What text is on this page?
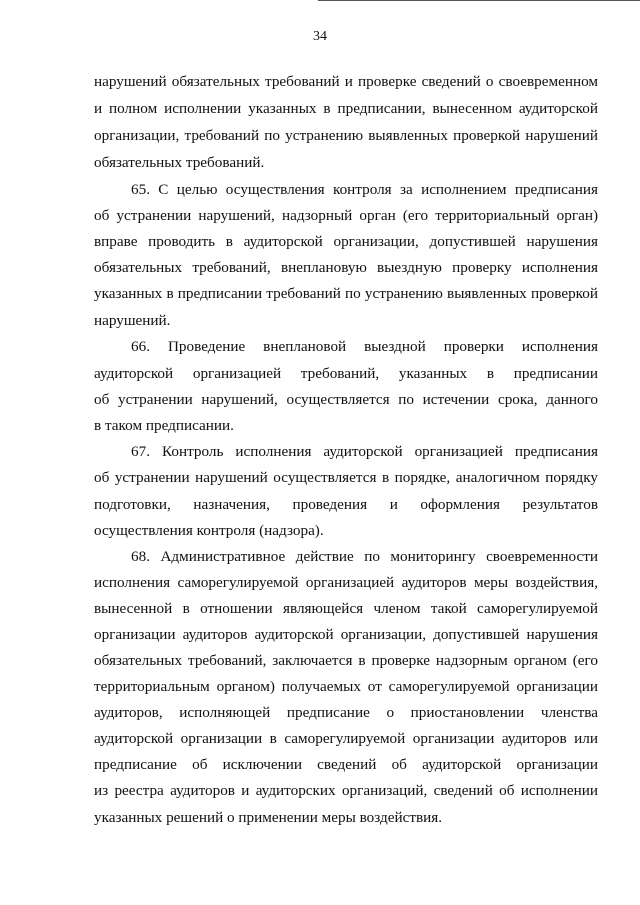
34
нарушений обязательных требований и проверке сведений о своевременном
и полном исполнении указанных в предписании, вынесенном аудиторской
организации, требований по устранению выявленных проверкой нарушений
обязательных требований.
65. С целью осуществления контроля за исполнением предписания
об устранении нарушений, надзорный орган (его территориальный орган)
вправе проводить в аудиторской организации, допустившей нарушения
обязательных требований, внеплановую выездную проверку исполнения
указанных в предписании требований по устранению выявленных проверкой
нарушений.
66. Проведение внеплановой выездной проверки исполнения
аудиторской организацией требований, указанных в предписании
об устранении нарушений, осуществляется по истечении срока, данного
в таком предписании.
67. Контроль исполнения аудиторской организацией предписания
об устранении нарушений осуществляется в порядке, аналогичном порядку
подготовки, назначения, проведения и оформления результатов
осуществления контроля (надзора).
68. Административное действие по мониторингу своевременности
исполнения саморегулируемой организацией аудиторов меры воздействия,
вынесенной в отношении являющейся членом такой саморегулируемой
организации аудиторов аудиторской организации, допустившей нарушения
обязательных требований, заключается в проверке надзорным органом (его
территориальным органом) получаемых от саморегулируемой организации
аудиторов, исполняющей предписание о приостановлении членства
аудиторской организации в саморегулируемой организации аудиторов или
предписание об исключении сведений об аудиторской организации
из реестра аудиторов и аудиторских организаций, сведений об исполнении
указанных решений о применении меры воздействия.
